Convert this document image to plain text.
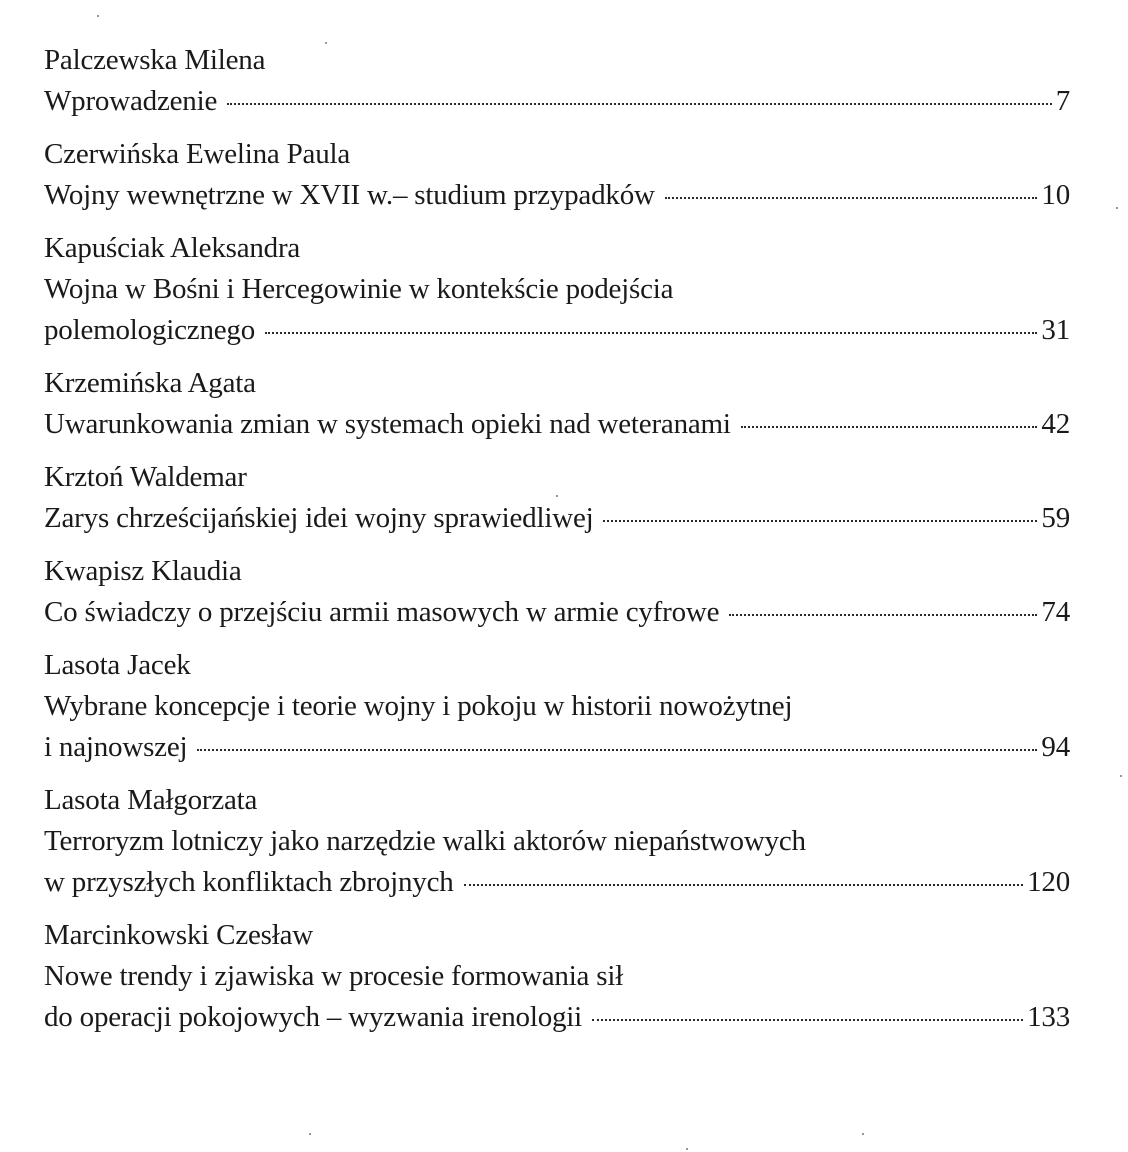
Palczewska Milena
Wprowadzenie	7
Czerwińska Ewelina Paula
Wojny wewnętrzne w XVII w.– studium przypadków	10
Kapuściak Aleksandra
Wojna w Bośni i Hercegowinie w kontekście podejścia
polemologicznego	31
Krzemińska Agata
Uwarunkowania zmian w systemach opieki nad weteranami	42
Krztoń Waldemar
Zarys chrześcijańskiej idei wojny sprawiedliwej	59
Kwapisz Klaudia
Co świadczy o przejściu armii masowych w armie cyfrowe	74
Lasota Jacek
Wybrane koncepcje i teorie wojny i pokoju w historii nowożytnej
i najnowszej	94
Lasota Małgorzata
Terroryzm lotniczy jako narzędzie walki aktorów niepaństwowych
w przyszłych konfliktach zbrojnych	120
Marcinkowski Czesław
Nowe trendy i zjawiska w procesie formowania sił
do operacji pokojowych – wyzwania irenologii	133
